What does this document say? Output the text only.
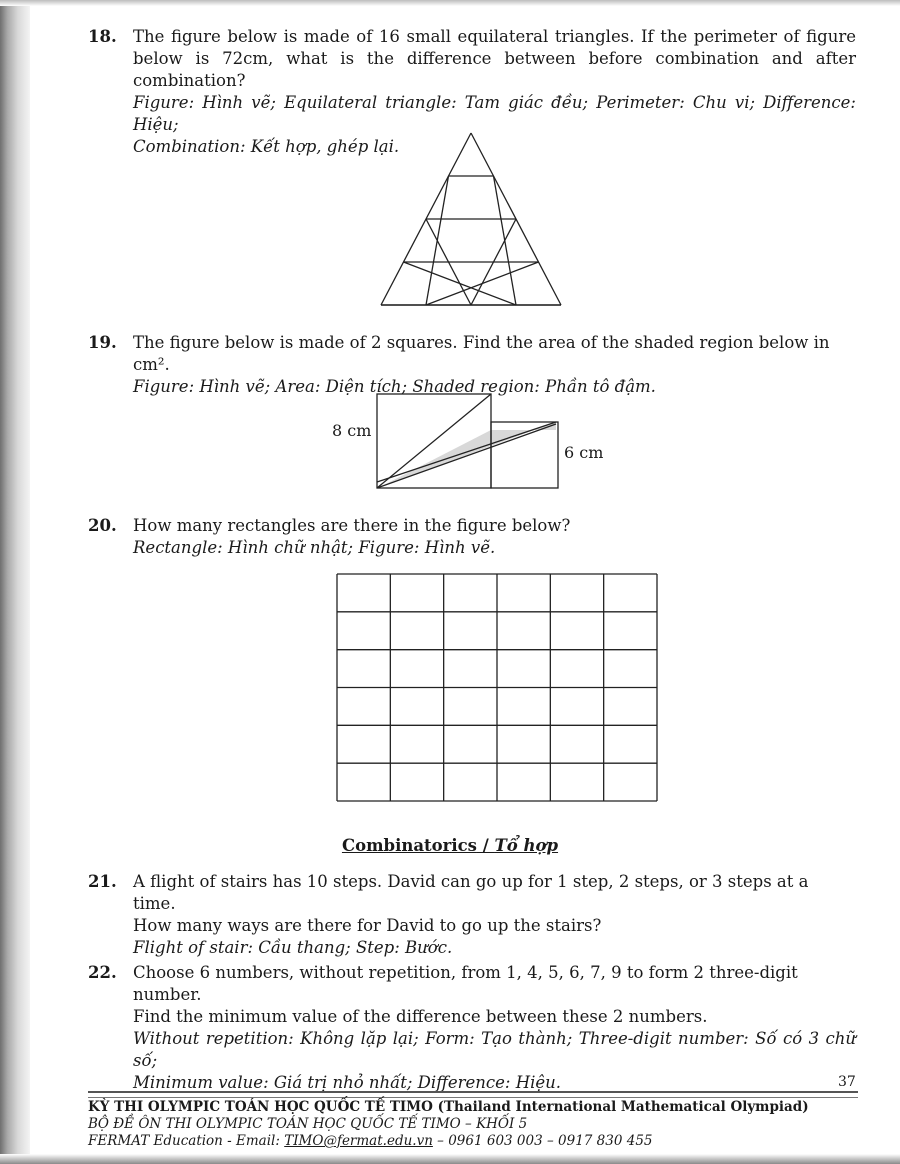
18. The figure below is made of 16 small equilateral triangles. If the perimeter of figure
below is 72cm, what is the difference between before combination and after
combination?
Figure: Hình vẽ; Equilateral triangle: Tam giác đều; Perimeter: Chu vi; Difference: Hiệu;
Combination: Kết hợp, ghép lại.
19. The figure below is made of 2 squares. Find the area of the shaded region below in cm².
Figure: Hình vẽ; Area: Diện tích; Shaded region: Phần tô đậm.
8 cm
6 cm
20. How many rectangles are there in the figure below?
Rectangle: Hình chữ nhật; Figure: Hình vẽ.
Combinatorics / Tổ hợp
21. A flight of stairs has 10 steps. David can go up for 1 step, 2 steps, or 3 steps at a time.
How many ways are there for David to go up the stairs?
Flight of stair: Cầu thang; Step: Bước.
22. Choose 6 numbers, without repetition, from 1, 4, 5, 6, 7, 9 to form 2 three-digit number.
Find the minimum value of the difference between these 2 numbers.
Without repetition: Không lặp lại; Form: Tạo thành; Three-digit number: Số có 3 chữ số;
Minimum value: Giá trị nhỏ nhất; Difference: Hiệu.	37
KỲ THI OLYMPIC TOÁN HỌC QUỐC TẾ TIMO (Thailand International Mathematical Olympiad)
BỘ ĐỀ ÔN THI OLYMPIC TOÁN HỌC QUỐC TẾ TIMO – KHỐI 5
FERMAT Education - Email: TIMO@fermat.edu.vn – 0961 603 003 – 0917 830 455
